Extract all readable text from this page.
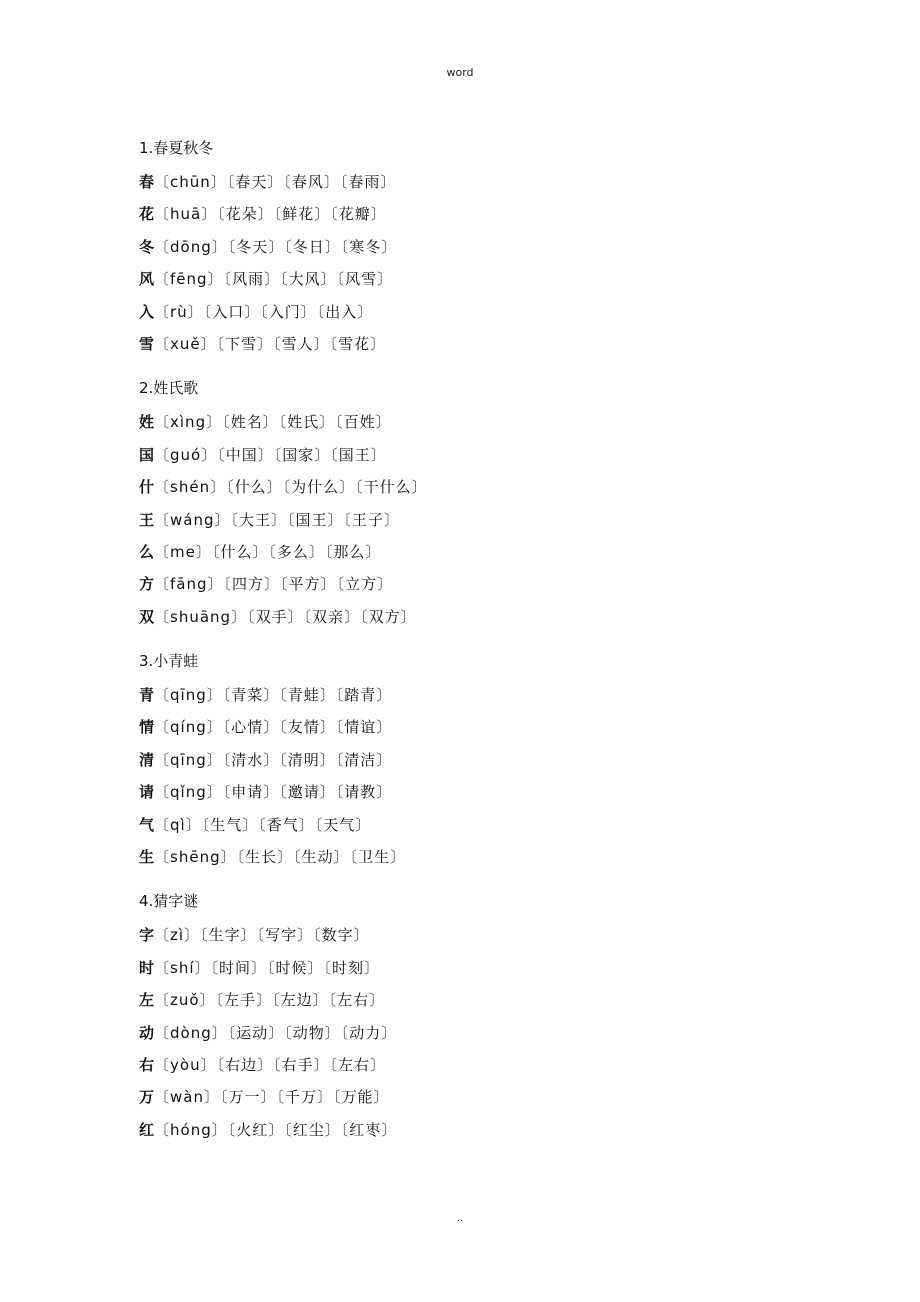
word
1.春夏秋冬
春〔chūn〕〔春天〕〔春风〕〔春雨〕
花〔huā〕〔花朵〕〔鲜花〕〔花瓣〕
冬〔dōng〕〔冬天〕〔冬日〕〔寒冬〕
风〔fēng〕〔风雨〕〔大风〕〔风雪〕
入〔rù〕〔入口〕〔入门〕〔出入〕
雪〔xuě〕〔下雪〕〔雪人〕〔雪花〕
2.姓氏歌
姓〔xìng〕〔姓名〕〔姓氏〕〔百姓〕
国〔guó〕〔中国〕〔国家〕〔国王〕
什〔shén〕〔什么〕〔为什么〕〔干什么〕
王〔wáng〕〔大王〕〔国王〕〔王子〕
么〔me〕〔什么〕〔多么〕〔那么〕
方〔fāng〕〔四方〕〔平方〕〔立方〕
双〔shuāng〕〔双手〕〔双亲〕〔双方〕
3.小青蛙
青〔qīng〕〔青菜〕〔青蛙〕〔踏青〕
情〔qíng〕〔心情〕〔友情〕〔情谊〕
清〔qīng〕〔清水〕〔清明〕〔清洁〕
请〔qǐng〕〔申请〕〔邀请〕〔请教〕
气〔qì〕〔生气〕〔香气〕〔天气〕
生〔shēng〕〔生长〕〔生动〕〔卫生〕
4.猜字谜
字〔zì〕〔生字〕〔写字〕〔数字〕
时〔shí〕〔时间〕〔时候〕〔时刻〕
左〔zuǒ〕〔左手〕〔左边〕〔左右〕
动〔dòng〕〔运动〕〔动物〕〔动力〕
右〔yòu〕〔右边〕〔右手〕〔左右〕
万〔wàn〕〔万一〕〔千万〕〔万能〕
红〔hóng〕〔火红〕〔红尘〕〔红枣〕
..
